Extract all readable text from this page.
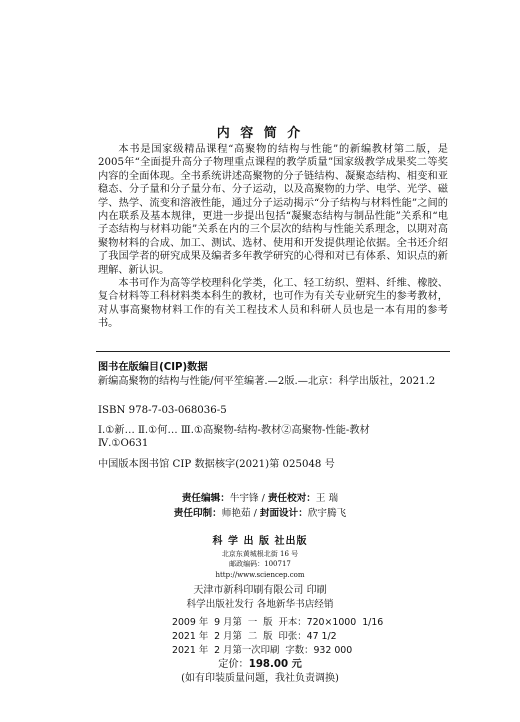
内 容 简 介

本书是国家级精品课程“高聚物的结构与性能”的新编教材第二版，是2005年“全面提升高分子物理重点课程的教学质量”国家级教学成果奖二等奖内容的全面体现。全书系统讲述高聚物的分子链结构、凝聚态结构、相变和亚稳态、分子量和分子量分布、分子运动，以及高聚物的力学、电学、光学、磁学、热学、流变和溶液性能，通过分子运动揭示“分子结构与材料性能”之间的内在联系及基本规律，更进一步提出包括“凝聚态结构与制品性能”关系和“电子态结构与材料功能”关系在内的三个层次的结构与性能关系理念，以期对高聚物材料的合成、加工、测试、选材、使用和开发提供理论依据。全书还介绍了我国学者的研究成果及编者多年教学研究的心得和对已有体系、知识点的新理解、新认识。

本书可作为高等学校理科化学类，化工、轻工纺织、塑料、纤维、橡胶、复合材料等工科材料类本科生的教材，也可作为有关专业研究生的参考教材，对从事高聚物材料工作的有关工程技术人员和科研人员也是一本有用的参考书。

图书在版编目(CIP)数据
新编高聚物的结构与性能/何平笙编著.—2版.—北京：科学出版社，2021.2
ISBN 978-7-03-068036-5
Ⅰ.①新… Ⅱ.①何… Ⅲ.①高聚物-结构-教材②高聚物-性能-教材
Ⅳ.①O631
中国版本图书馆 CIP 数据核字(2021)第 025048 号
责任编辑：牛宇锋 / 责任校对：王 瑞
责任印制：师艳茹 / 封面设计：欣宇腾飞
科 学 出 版 社出版
北京东黄城根北街 16 号
邮政编码：100717
http://www.sciencep.com
天津市新科印刷有限公司 印刷
科学出版社发行 各地新华书店经销
2009 年  9 月第  一  版  开本：720×1000  1/16
2021 年  2 月第  二  版  印张：47 1/2
2021 年  2 月第一次印刷  字数：932 000
定价：198.00 元
(如有印装质量问题，我社负责调换)
